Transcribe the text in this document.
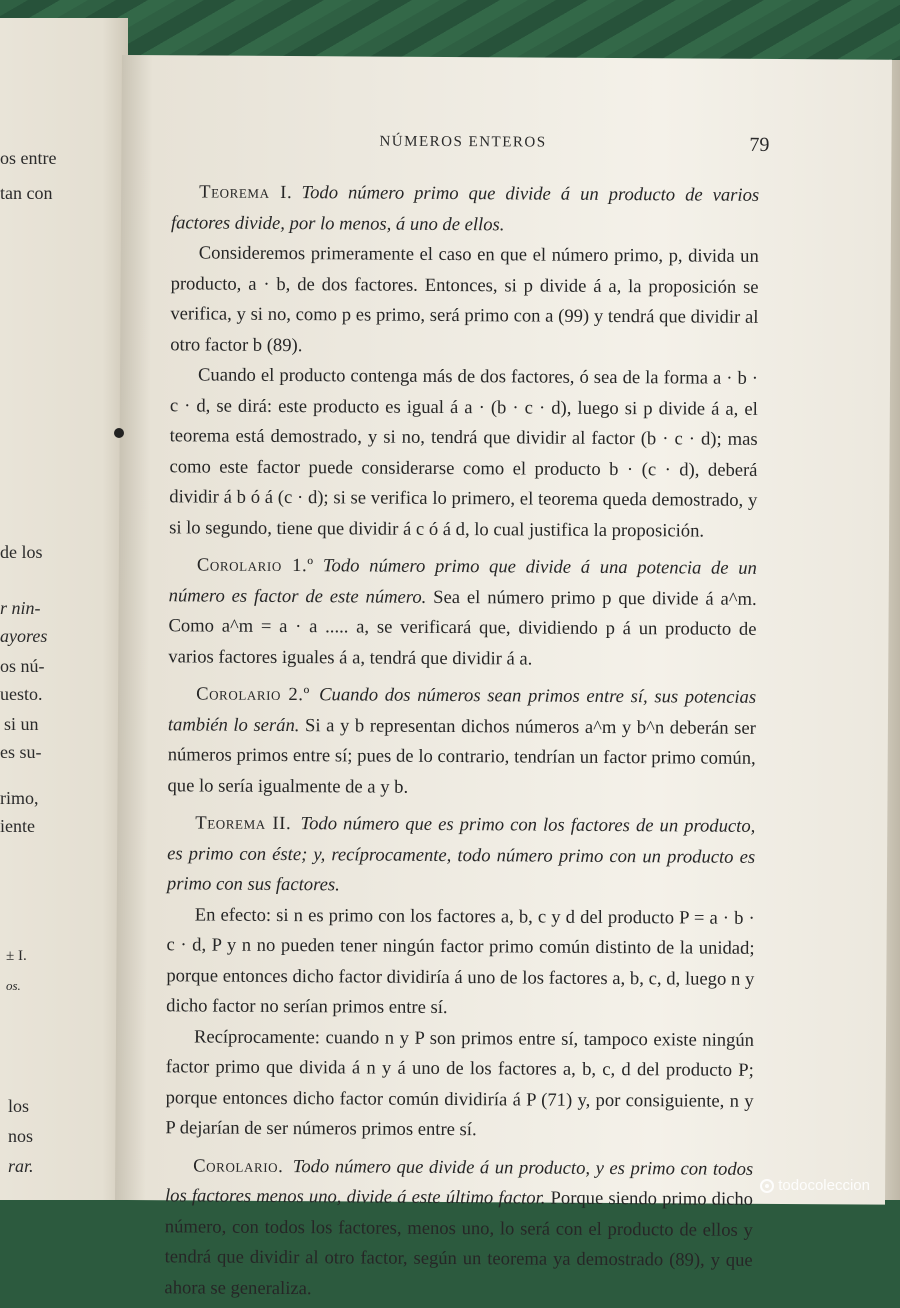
os entre
tan con
de los
r nin-
ayores
os nú-
uesto.
si un
es su-
rimo,
iente
± I.
os.
los
nos
rar.
NÚMEROS ENTEROS	79

Teorema I.  Todo número primo que divide á un producto de varios factores divide, por lo menos, á uno de ellos.

Consideremos primeramente el caso en que el número primo, p, divida un producto, a · b, de dos factores. Entonces, si p divide á a, la proposición se verifica, y si no, como p es primo, será primo con a (99) y tendrá que dividir al otro factor b (89).

Cuando el producto contenga más de dos factores, ó sea de la forma a · b · c · d, se dirá: este producto es igual á a · (b · c · d), luego si p divide á a, el teorema está demostrado, y si no, tendrá que dividir al factor (b · c · d); mas como este factor puede considerarse como el producto b · (c · d), deberá dividir á b ó á (c · d); si se verifica lo primero, el teorema queda demostrado, y si lo segundo, tiene que dividir á c ó á d, lo cual justifica la proposición.

Corolario 1.º  Todo número primo que divide á una potencia de un número es factor de este número. Sea el número primo p que divide á a^m. Como a^m = a · a ..... a, se verificará que, dividiendo p á un producto de varios factores iguales á a, tendrá que dividir á a.

Corolario 2.º  Cuando dos números sean primos entre sí, sus potencias también lo serán. Si a y b representan dichos números a^m y b^n deberán ser números primos entre sí; pues de lo contrario, tendrían un factor primo común, que lo sería igualmente de a y b.

Teorema II.  Todo número que es primo con los factores de un producto, es primo con éste; y, recíprocamente, todo número primo con un producto es primo con sus factores.

En efecto: si n es primo con los factores a, b, c y d del producto P = a · b · c · d, P y n no pueden tener ningún factor primo común distinto de la unidad; porque entonces dicho factor dividiría á uno de los factores a, b, c, d, luego n y dicho factor no serían primos entre sí.

Recíprocamente: cuando n y P son primos entre sí, tampoco existe ningún factor primo que divida á n y á uno de los factores a, b, c, d del producto P; porque entonces dicho factor común dividiría á P (71) y, por consiguiente, n y P dejarían de ser números primos entre sí.

Corolario.  Todo número que divide á un producto, y es primo con todos los factores menos uno, divide á este último factor. Porque siendo primo dicho número, con todos los factores, menos uno, lo será con el producto de ellos y tendrá que dividir al otro factor, según un teorema ya demostrado (89), y que ahora se generaliza.

todocoleccion
